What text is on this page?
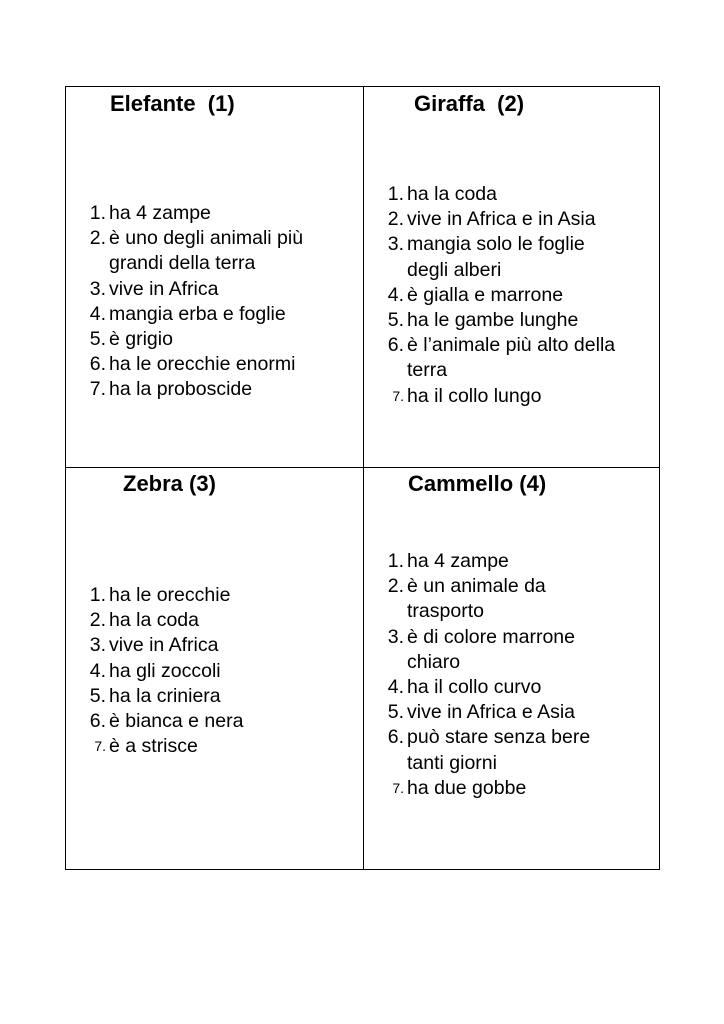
Elefante  (1)
1. ha 4 zampe
2. è uno degli animali più
grandi della terra
3. vive in Africa
4. mangia erba e foglie
5. è grigio
6. ha le orecchie enormi
7. ha la proboscide
Giraffa  (2)
1. ha la coda
2. vive in Africa e in Asia
3. mangia solo le foglie
degli alberi
4. è gialla e marrone
5. ha le gambe lunghe
6. è l’animale più alto della
terra
7. ha il collo lungo
Zebra (3)
1. ha le orecchie
2. ha la coda
3. vive in Africa
4. ha gli zoccoli
5. ha la criniera
6. è bianca e nera
7. è a strisce
Cammello (4)
1. ha 4 zampe
2. è un animale da
trasporto
3. è di colore marrone
chiaro
4. ha il collo curvo
5. vive in Africa e Asia
6. può stare senza bere
tanti giorni
7. ha due gobbe
